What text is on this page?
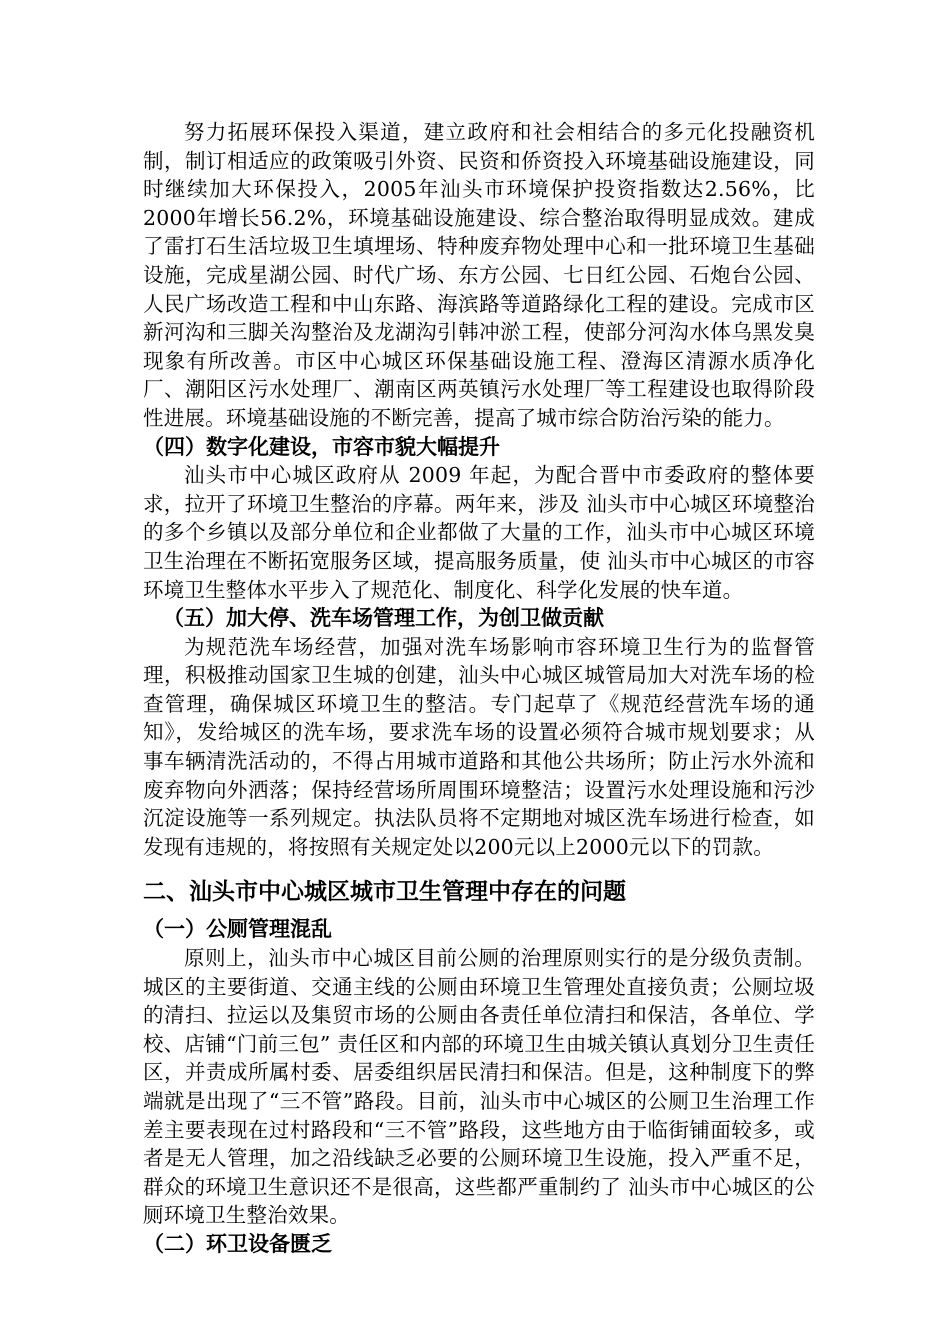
努力拓展环保投入渠道，建立政府和社会相结合的多元化投融资机制，制订相适应的政策吸引外资、民资和侨资投入环境基础设施建设，同时继续加大环保投入，2005年汕头市环境保护投资指数达2.56%，比2000年增长56.2%，环境基础设施建设、综合整治取得明显成效。建成了雷打石生活垃圾卫生填埋场、特种废弃物处理中心和一批环境卫生基础设施，完成星湖公园、时代广场、东方公园、七日红公园、石炮台公园、人民广场改造工程和中山东路、海滨路等道路绿化工程的建设。完成市区新河沟和三脚关沟整治及龙湖沟引韩冲淤工程，使部分河沟水体乌黑发臭现象有所改善。市区中心城区环保基础设施工程、澄海区清源水质净化厂、潮阳区污水处理厂、潮南区两英镇污水处理厂等工程建设也取得阶段性进展。环境基础设施的不断完善，提高了城市综合防治污染的能力。

（四）数字化建设，市容市貌大幅提升

汕头市中心城区政府从 2009 年起，为配合晋中市委政府的整体要求，拉开了环境卫生整治的序幕。两年来，涉及 汕头市中心城区环境整治的多个乡镇以及部分单位和企业都做了大量的工作，汕头市中心城区环境卫生治理在不断拓宽服务区域，提高服务质量，使 汕头市中心城区的市容环境卫生整体水平步入了规范化、制度化、科学化发展的快车道。

（五）加大停、洗车场管理工作，为创卫做贡献

为规范洗车场经营，加强对洗车场影响市容环境卫生行为的监督管理，积极推动国家卫生城的创建，汕头中心城区城管局加大对洗车场的检查管理，确保城区环境卫生的整洁。专门起草了《规范经营洗车场的通知》，发给城区的洗车场，要求洗车场的设置必须符合城市规划要求；从事车辆清洗活动的，不得占用城市道路和其他公共场所；防止污水外流和废弃物向外洒落；保持经营场所周围环境整洁；设置污水处理设施和污沙沉淀设施等一系列规定。执法队员将不定期地对城区洗车场进行检查，如发现有违规的，将按照有关规定处以200元以上2000元以下的罚款。

二、汕头市中心城区城市卫生管理中存在的问题
（一）公厕管理混乱

原则上，汕头市中心城区目前公厕的治理原则实行的是分级负责制。城区的主要街道、交通主线的公厕由环境卫生管理处直接负责；公厕垃圾的清扫、拉运以及集贸市场的公厕由各责任单位清扫和保洁，各单位、学校、店铺“门前三包” 责任区和内部的环境卫生由城关镇认真划分卫生责任区，并责成所属村委、居委组织居民清扫和保洁。但是，这种制度下的弊端就是出现了“三不管”路段。目前，汕头市中心城区的公厕卫生治理工作差主要表现在过村路段和“三不管”路段，这些地方由于临街铺面较多，或者是无人管理，加之沿线缺乏必要的公厕环境卫生设施，投入严重不足，群众的环境卫生意识还不是很高，这些都严重制约了 汕头市中心城区的公厕环境卫生整治效果。

（二）环卫设备匮乏
